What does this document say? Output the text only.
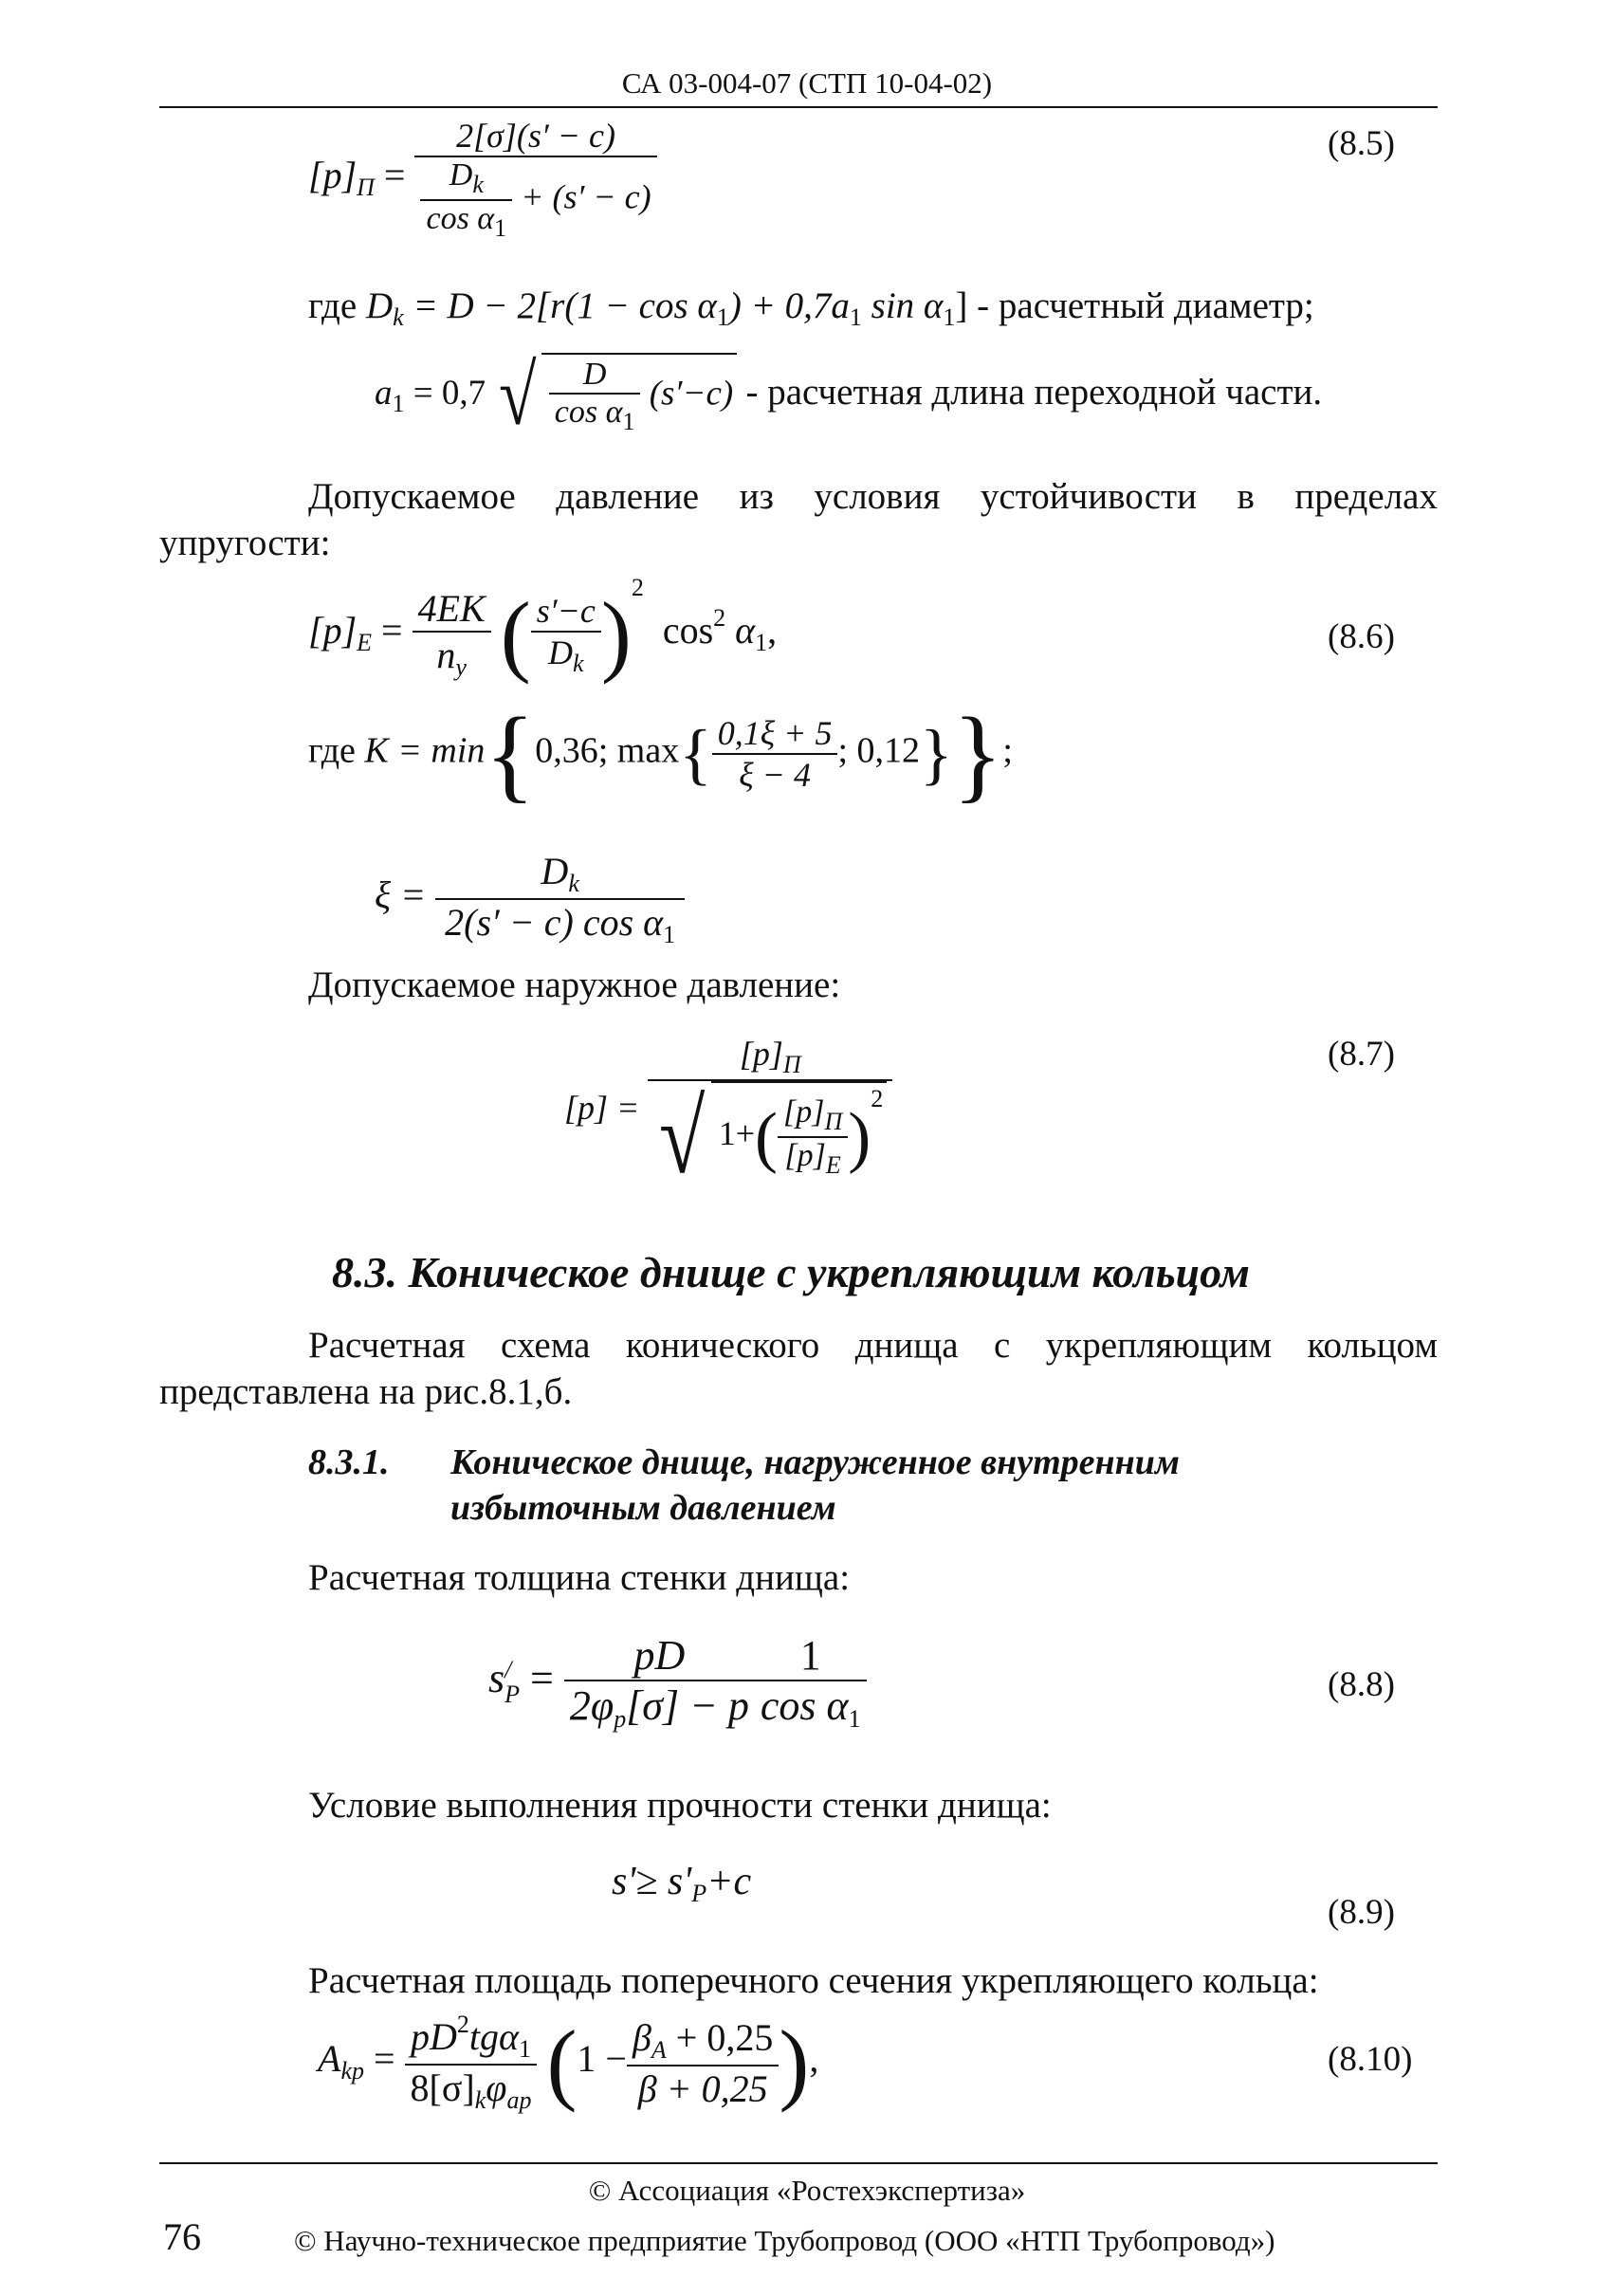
СА 03-004-07 (СТП 10-04-02)
$[p]_П = \frac{2[\sigma](s' - c)}{\frac{D_k}{\cos \alpha_1} + (s' - c)}$	(8.5)
где $D_k = D - 2[r(1 - \cos \alpha_1) + 0,7a_1$ $\sin \alpha_1$] - расчетный диаметр;
$a_1 = 0,7$ √ $\frac{D}{\cos \alpha_1} (s'-c)$ - расчетная длина переходной части.
Допускаемое давление из условия устойчивости в пределах
упругости:
$[p]_E = \frac{4EK}{n_y}$ ( $\frac{s'-c}{D_k} )^2$  $\cos^2 \alpha_1$,	(8.6)
где K = min{0,36; $\max\{ \frac{0,1\xi + 5}{\xi - 4}$ ; 0,12}};
$\xi = \frac{D_k}{2(s' - c) \cos \alpha_1}$
Допускаемое наружное давление:
[p] =
$[p]_П$
√ $1+( \frac{[p]_П}{[p]_E} )^2$
(8.7)
8.3. Коническое днище с укрепляющим кольцом
Расчетная схема конического днища с укрепляющим кольцом
представлена на рис.8.1,б.
8.3.1. Коническое днище, нагруженное внутренним
избыточным давлением
Расчетная толщина стенки днища:
s /
$P = \frac{pD}{2\varphi_p[\sigma] - p} \frac{1}{\cos \alpha_1}$	(8.8)
Условие выполнения прочности стенки днища:
$s'\ge s'_P+c$
(8.9)
Расчетная площадь поперечного сечения укрепляющего кольца:
$A_{kp} = \frac{pD^2tg\alpha_1}{8[\sigma]_k\varphi_{ap}} (1 - \frac{\beta_A + 0,25}{\beta + 0,25}$ ),	(8.10)
© Ассоциация «Ростехэкспертиза»
76	© Научно-техническое предприятие Трубопровод (ООО «НТП Трубопровод»)
